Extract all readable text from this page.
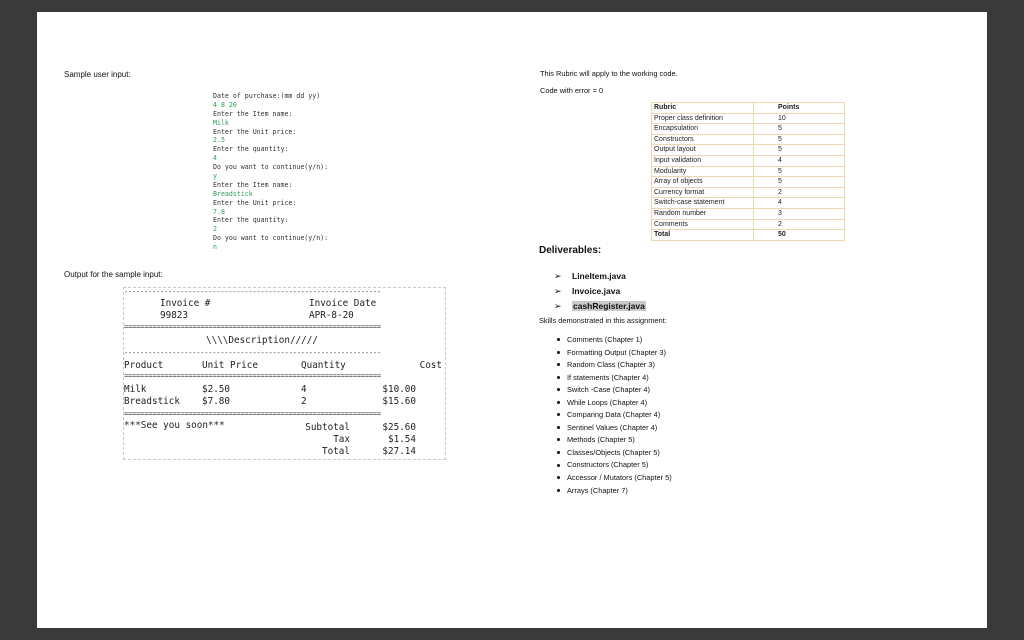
Sample user input:
Date of purchase:(mm dd yy)
4 8 20
Enter the Item name:
Milk
Enter the Unit price:
2.5
Enter the quantity:
4
Do you want to continue(y/n):
y
Enter the Item name:
Breadstick
Enter the Unit price:
7.8
Enter the quantity:
2
Do you want to continue(y/n):
n
Output for the sample input:
----------------------------------------------------------------
Invoice #	Invoice Date
99823	APR-8-20
================================================================
\\\\Description/////
----------------------------------------------------------------
Product	Unit Price	Quantity	Cost
================================================================
Milk	$2.50	4	$10.00
Breadstick $7.80	2	$15.60
================================================================
***See you soon***	Subtotal	$25.60
Tax	$1.54
Total	$27.14
This Rubric will apply to the working code.
Code with error = 0
Rubric	Points
Proper class definition	10
Encapsulation	5
Constructors	5
Output layout	5
Input validation	4
Modularity	5
Array of objects	5
Currency format	2
Switch-case statement	4
Random number	3
Comments	2
Total	50
Deliverables:
➢ LineItem.java
➢ Invoice.java
➢ cashRegister.java
Skills demonstrated in this assignment:
Comments (Chapter 1)
Formatting Output (Chapter 3)
Random Class (Chapter 3)
If statements (Chapter 4)
Switch -Case (Chapter 4)
While Loops (Chapter 4)
Comparing Data (Chapter 4)
Sentinel Values (Chapter 4)
Methods (Chapter 5)
Classes/Objects (Chapter 5)
Constructors (Chapter 5)
Accessor / Mutators (Chapter 5)
Arrays (Chapter 7)
